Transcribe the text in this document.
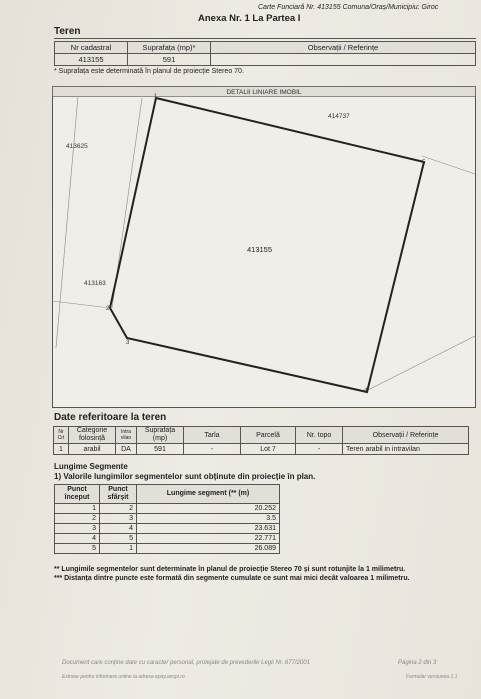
Carte Funciară Nr. 413155 Comuna/Oraș/Municipiu: Giroc
Anexa Nr. 1 La Partea I
Teren
Nr cadastral	Suprafața (mp)*	Observații / Referințe
413155	591	
* Suprafața este determinată în planul de proiecție Stereo 70.
DETALII LINIARE IMOBIL
413155
414737
413625
413163
1
2
3
4
5
Date referitoare la teren
Nr Crt	Categorie folosință	Intra vilan	Suprafața (mp)	Tarla	Parcelă	Nr. topo	Observații / Referințe
1	arabil	DA	591	-	Lot 7	-	Teren arabil in intravilan
Lungime Segmente
1) Valorile lungimilor segmentelor sunt obținute din proiecție în plan.
Punct început	Punct sfârșit	Lungime segment (** (m)
1	2	20.252
2	3	3.5
3	4	23.631
4	5	22.771
5	1	26.089
** Lungimile segmentelor sunt determinate în planul de proiecție Stereo 70 și sunt rotunjite la 1 milimetru.
*** Distanța dintre puncte este formată din segmente cumulate ce sunt mai mici decât valoarea 1 milimetru.
Document care conține date cu caracter personal, protejate de prevederile Legii Nr. 677/2001	Pagina 2 din 3
Extrase pentru informare online la adresa epay.ancpi.ro	Formular versiunea 1.1
